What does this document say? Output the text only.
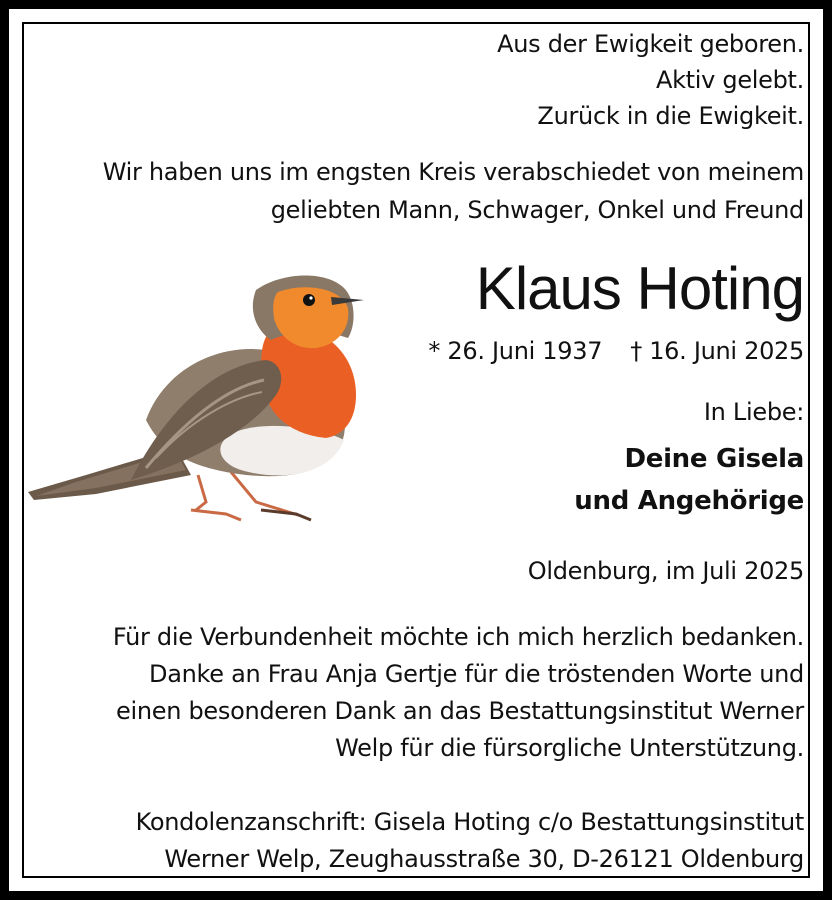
Aus der Ewigkeit geboren.
Aktiv gelebt.
Zurück in die Ewigkeit.
Wir haben uns im engsten Kreis verabschiedet von meinem
geliebten Mann, Schwager, Onkel und Freund
Klaus Hoting
* 26. Juni 1937 † 16. Juni 2025
In Liebe:
Deine Gisela
und Angehörige
Oldenburg, im Juli 2025
Für die Verbundenheit möchte ich mich herzlich bedanken.
Danke an Frau Anja Gertje für die tröstenden Worte und
einen besonderen Dank an das Bestattungsinstitut Werner
Welp für die fürsorgliche Unterstützung.
Kondolenzanschrift: Gisela Hoting c/o Bestattungsinstitut
Werner Welp, Zeughausstraße 30, D-26121 Oldenburg
